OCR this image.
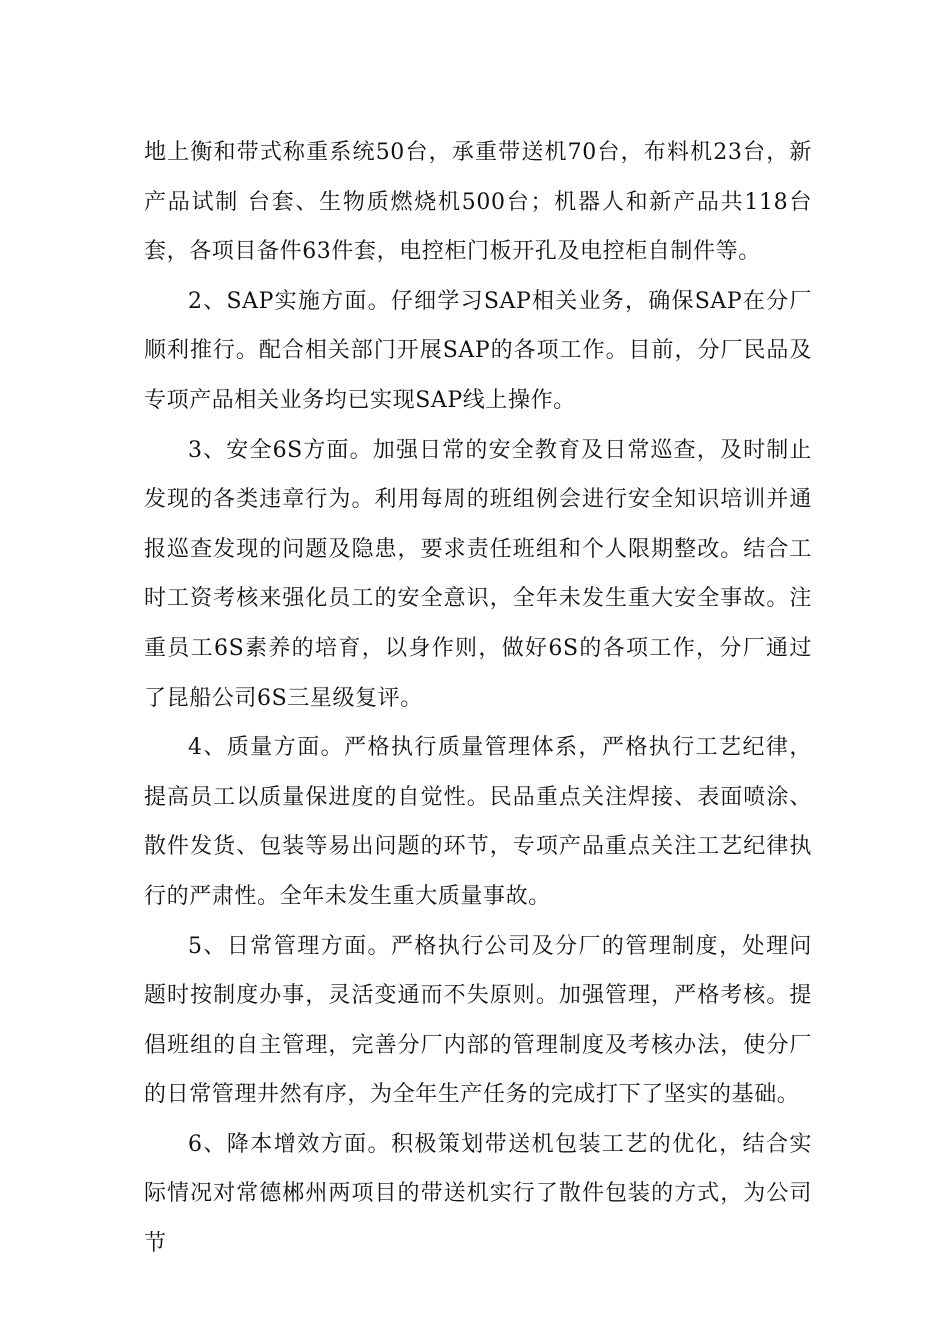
地上衡和带式称重系统50台，承重带送机70台，布料机23台，新产品试制 台套、生物质燃烧机500台；机器人和新产品共118台套，各项目备件63件套，电控柜门板开孔及电控柜自制件等。

2、SAP实施方面。仔细学习SAP相关业务，确保SAP在分厂顺利推行。配合相关部门开展SAP的各项工作。目前，分厂民品及专项产品相关业务均已实现SAP线上操作。

3、安全6S方面。加强日常的安全教育及日常巡查，及时制止发现的各类违章行为。利用每周的班组例会进行安全知识培训并通报巡查发现的问题及隐患，要求责任班组和个人限期整改。结合工时工资考核来强化员工的安全意识，全年未发生重大安全事故。注重员工6S素养的培育，以身作则，做好6S的各项工作，分厂通过了昆船公司6S三星级复评。

4、质量方面。严格执行质量管理体系，严格执行工艺纪律，提高员工以质量保进度的自觉性。民品重点关注焊接、表面喷涂、散件发货、包装等易出问题的环节，专项产品重点关注工艺纪律执行的严肃性。全年未发生重大质量事故。

5、日常管理方面。严格执行公司及分厂的管理制度，处理问题时按制度办事，灵活变通而不失原则。加强管理，严格考核。提倡班组的自主管理，完善分厂内部的管理制度及考核办法，使分厂的日常管理井然有序，为全年生产任务的完成打下了坚实的基础。

6、降本增效方面。积极策划带送机包装工艺的优化，结合实际情况对常德郴州两项目的带送机实行了散件包装的方式，为公司节
